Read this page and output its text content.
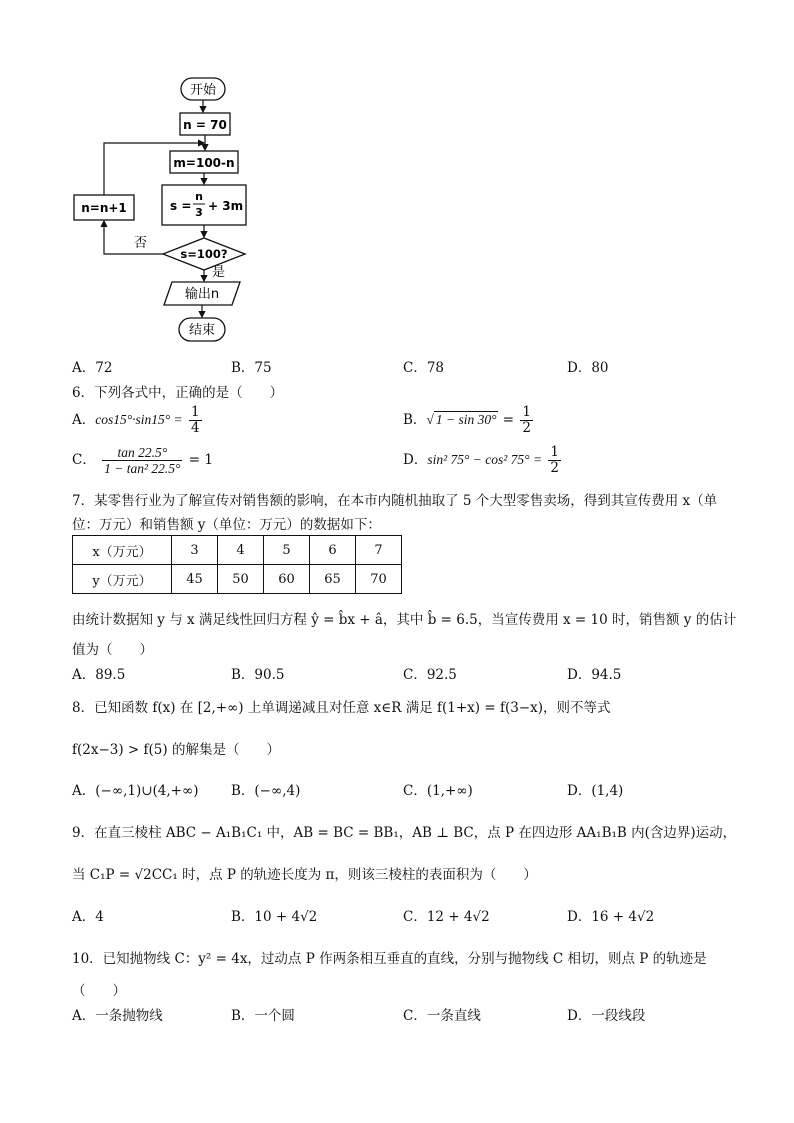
开始
n = 70
m=100-n
s =
n
3 + 3m
s=100?
否
n=n+1
是
输出n
结束
A．72	B．75	C．78	D．80
6．下列各式中，正确的是（　　）
A．$\cos 15^\circ\cdot\sin 15^\circ = \frac{1}{4}$	B．√ $1 - \sin 30^\circ = \frac{1}{2}$
C． $\frac{\tan 22.5^\circ}{\text{1 − tan² 22.5°}} = 1$	D．sin² 75° − cos² $75^\circ = \frac{1}{2}$
7．某零售行业为了解宣传对销售额的影响，在本市内随机抽取了 5 个大型零售卖场，得到其宣传费用 x（单
位：万元）和销售额 y（单位：万元）的数据如下：
x（万元）	3	4	5	6	7
y（万元）	45	50	60	65	70
由统计数据知 y 与 x 满足线性回归方程 ŷ = b̂x + â，其中 b̂ = 6.5，当宣传费用 x = 10 时，销售额 y 的估计
值为（　　）
A．89.5	B．90.5	C．92.5	D．94.5
8．已知函数 f(x) 在 [2,+∞) 上单调递减且对任意 x∈R 满足 f(1+x) = f(3−x)，则不等式
f(2x−3) > f(5) 的解集是（　　）
A．(−∞,1)∪(4,+∞) B．(−∞,4)	C．(1,+∞)	D．(1,4)
9．在直三棱柱 ABC − A₁B₁C₁ 中，AB = BC = BB₁，AB ⊥ BC，点 P 在四边形 AA₁B₁B 内(含边界)运动，
当 C₁P = √2CC₁ 时，点 P 的轨迹长度为 π，则该三棱柱的表面积为（　　）
A．4	B．10 + 4√2	C．12 + 4√2	D．16 + 4√2
10．已知抛物线 C：y² = 4x，过动点 P 作两条相互垂直的直线，分别与抛物线 C 相切，则点 P 的轨迹是
（　　）
A．一条抛物线	B．一个圆	C．一条直线	D．一段线段
